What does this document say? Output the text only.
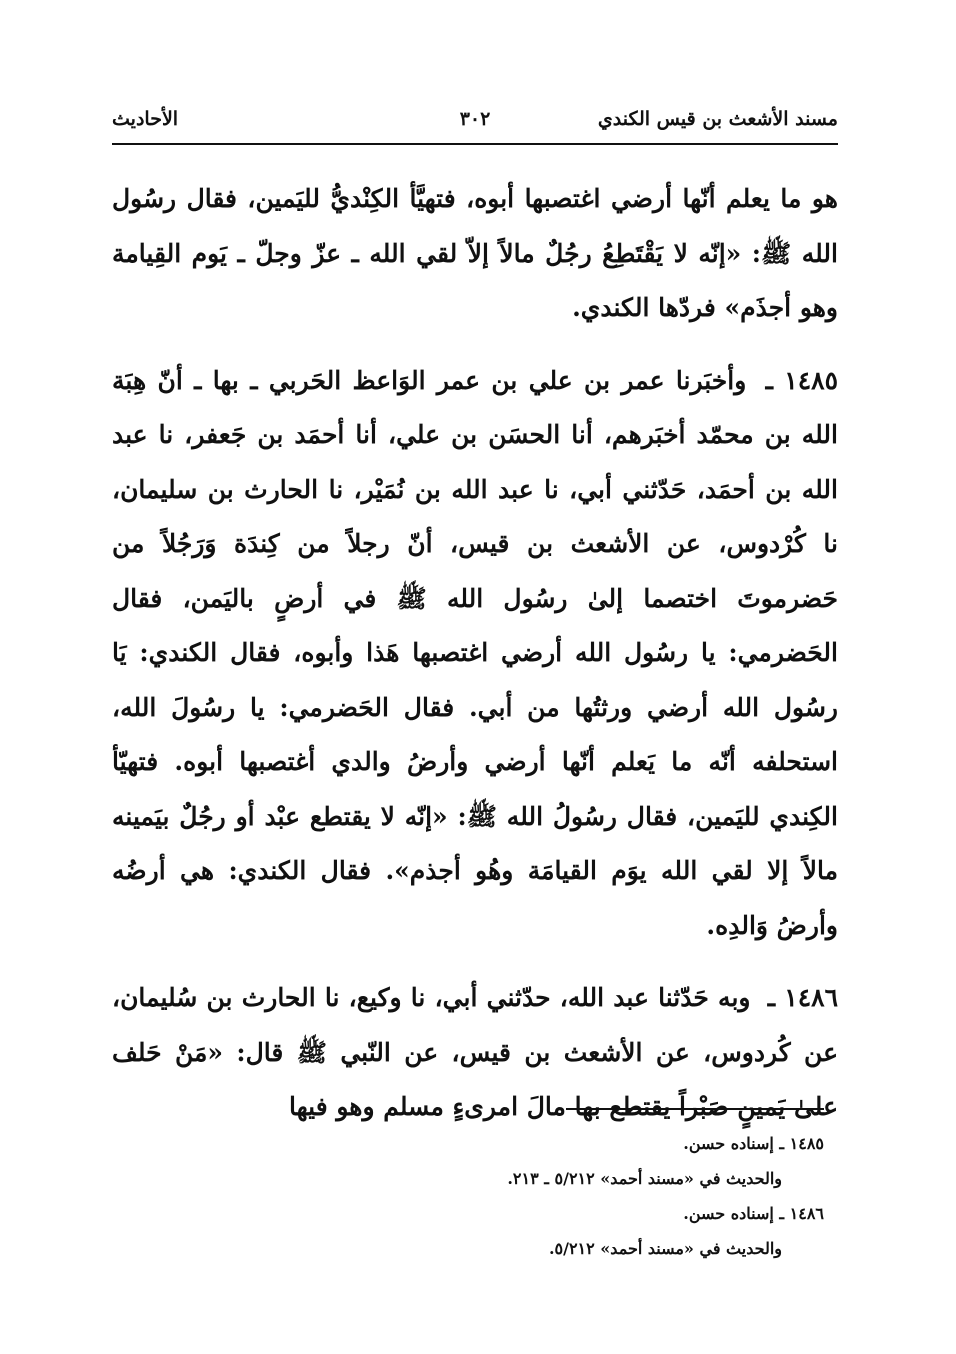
مسند الأشعث بن قيس الكندي
٣٠٢
الأحاديث

هو ما يعلم أنّها أرضي اغتصبها أبوه، فتهيَّأ الكِنْديُّ لليَمين، فقال رسُول الله ﷺ: «إنّه لا يَقْتَطِعُ رجُلٌ مالاً إلاّ لقي الله ـ عزّ وجلّ ـ يَوم القِيامة وهو أجذَم» فردّها الكندي.

١٤٨٥ ـ وأخبَرنا عمر بن علي بن عمر الوَاعظ الحَربي ـ بها ـ أنّ هِبَة الله بن محمّد أخبَرهم، أنا الحسَن بن علي، أنا أحمَد بن جَعفر، نا عبد الله بن أحمَد، حَدّثني أبي، نا عبد الله بن نُمَيْر، نا الحارث بن سليمان، نا كُرْدوس، عن الأشعث بن قيس، أنّ رجلاً من كِندَة وَرَجُلاً من حَضرموتَ اختصما إلىٰ رسُول الله ﷺ في أرضٍ باليَمن، فقال الحَضرمي: يا رسُول الله أرضي اغتصبها هَذا وأبوه، فقال الكندي: يَا رسُول الله أرضي ورثتُها من أبي. فقال الحَضرمي: يا رسُولَ الله، استحلفه أنّه ما يَعلم أنّها أرضي وأرضُ والدي أغتصبها أبوه. فتهيّأ الكِندي لليَمين، فقال رسُولُ الله ﷺ: «إنّه لا يقتطع عبْد أو رجُلٌ بيَمينه مالاً إلا لقي الله يوَم القيامَة وهُو أجذم». فقال الكندي: هي أرضُه وأرضُ وَالدِه.

١٤٨٦ ـ وبه حَدّثنا عبد الله، حدّثني أبي، نا وكيع، نا الحارث بن سُليمان، عن كُردوس، عن الأشعث بن قيس، عن النّبي ﷺ قال: «مَنْ حَلف علىٰ يَمينٍ صَبْراً يقتطع بها مالَ امرىءٍ مسلم وهو فيها

١٤٨٥ ـ إسناده حسن.

والحديث في «مسند أحمد» ٥/٢١٢ ـ ٢١٣.

١٤٨٦ ـ إسناده حسن.

والحديث في «مسند أحمد» ٥/٢١٢.
